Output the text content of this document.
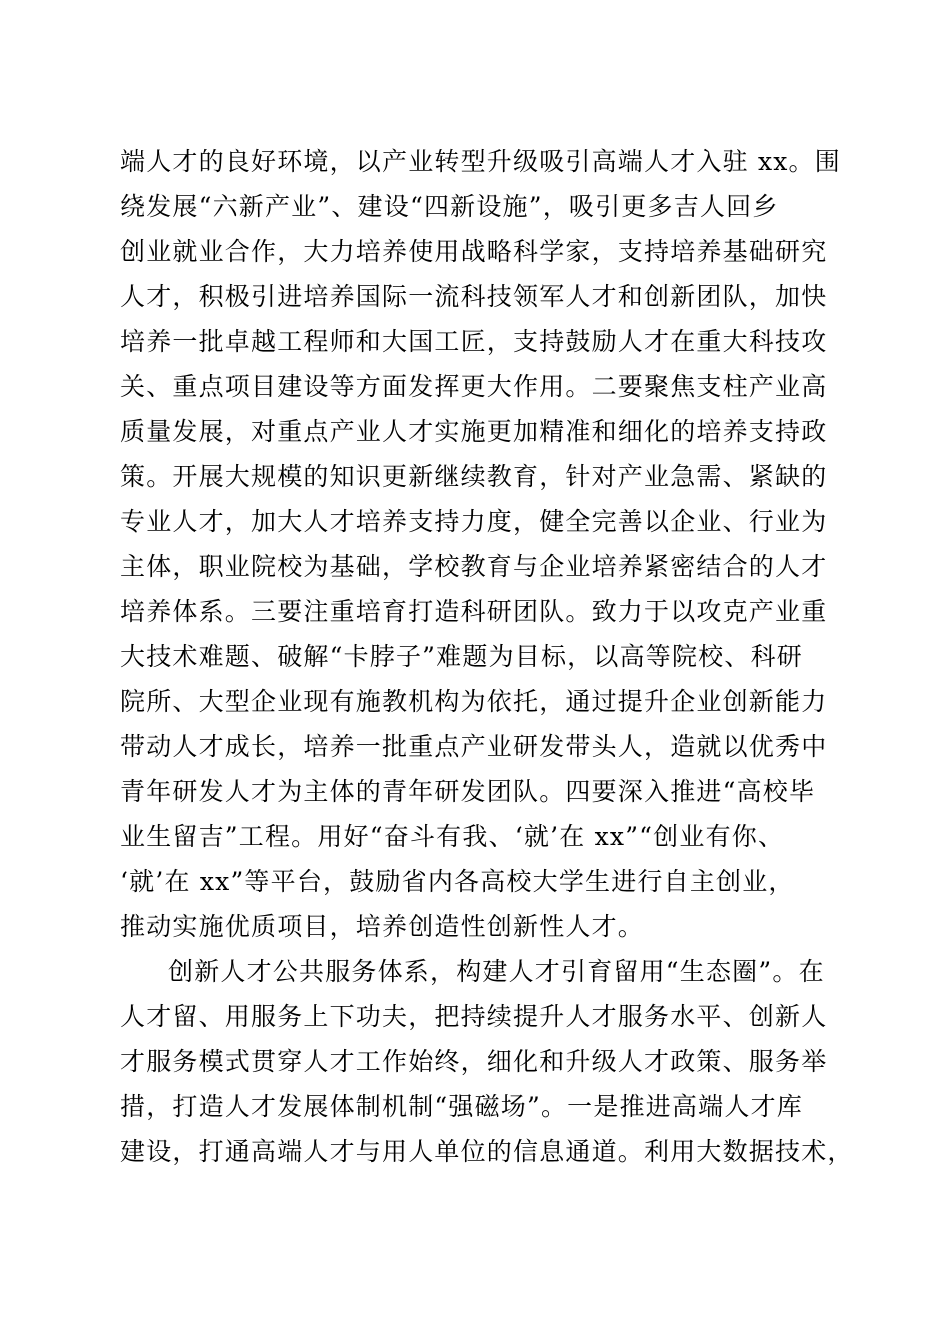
端人才的良好环境，以产业转型升级吸引高端人才入驻 xx。围
绕发展“六新产业”、建设“四新设施”，吸引更多吉人回乡
创业就业合作，大力培养使用战略科学家，支持培养基础研究
人才，积极引进培养国际一流科技领军人才和创新团队，加快
培养一批卓越工程师和大国工匠，支持鼓励人才在重大科技攻
关、重点项目建设等方面发挥更大作用。二要聚焦支柱产业高
质量发展，对重点产业人才实施更加精准和细化的培养支持政
策。开展大规模的知识更新继续教育，针对产业急需、紧缺的
专业人才，加大人才培养支持力度，健全完善以企业、行业为
主体，职业院校为基础，学校教育与企业培养紧密结合的人才
培养体系。三要注重培育打造科研团队。致力于以攻克产业重
大技术难题、破解“卡脖子”难题为目标，以高等院校、科研
院所、大型企业现有施教机构为依托，通过提升企业创新能力
带动人才成长，培养一批重点产业研发带头人，造就以优秀中
青年研发人才为主体的青年研发团队。四要深入推进“高校毕
业生留吉”工程。用好“奋斗有我、‘就’在 xx”“创业有你、
‘就’在 xx”等平台，鼓励省内各高校大学生进行自主创业，
推动实施优质项目，培养创造性创新性人才。
创新人才公共服务体系，构建人才引育留用“生态圈”。在
人才留、用服务上下功夫，把持续提升人才服务水平、创新人
才服务模式贯穿人才工作始终，细化和升级人才政策、服务举
措，打造人才发展体制机制“强磁场”。一是推进高端人才库
建设，打通高端人才与用人单位的信息通道。利用大数据技术，
